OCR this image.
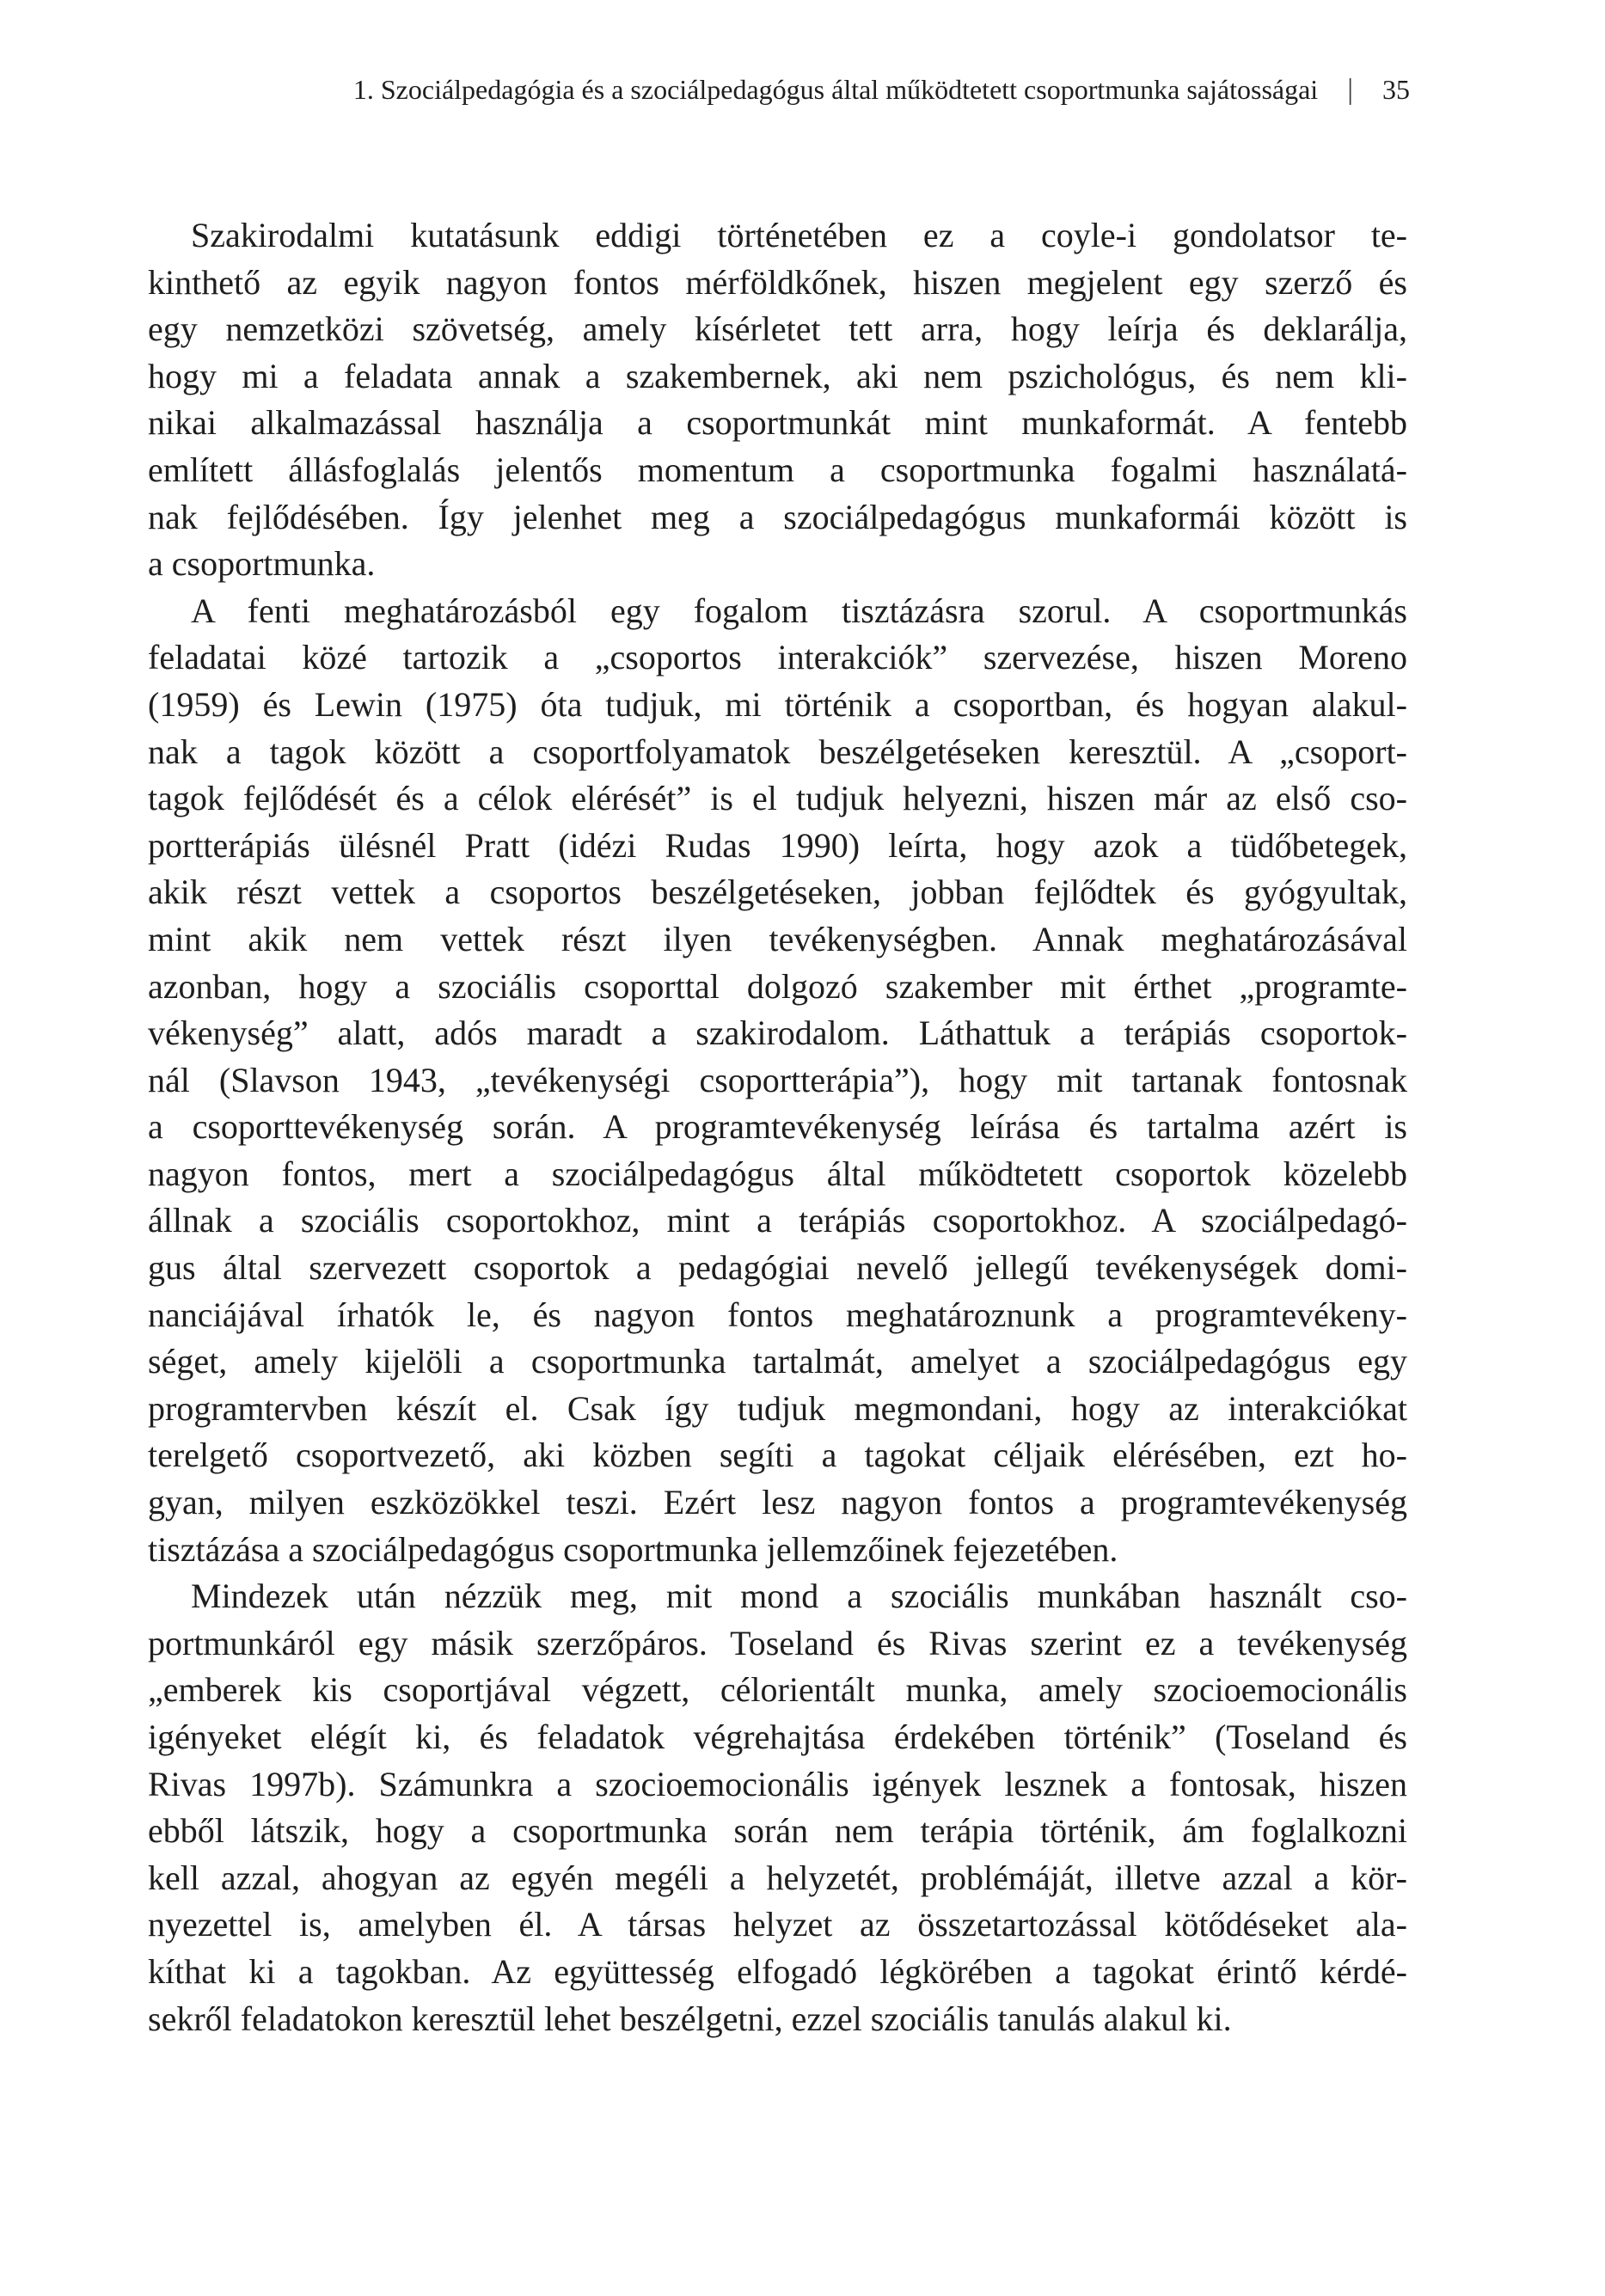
1. Szociálpedagógia és a szociálpedagógus által működtetett csoportmunka sajátosságai | 35
Szakirodalmi kutatásunk eddigi történetében ez a coyle-i gondolatsor te-
kinthető az egyik nagyon fontos mérföldkőnek, hiszen megjelent egy szerző és
egy nemzetközi szövetség, amely kísérletet tett arra, hogy leírja és deklarálja,
hogy mi a feladata annak a szakembernek, aki nem pszichológus, és nem kli-
nikai alkalmazással használja a csoportmunkát mint munkaformát. A fentebb
említett állásfoglalás jelentős momentum a csoportmunka fogalmi használatá-
nak fejlődésében. Így jelenhet meg a szociálpedagógus munkaformái között is
a csoportmunka.
A fenti meghatározásból egy fogalom tisztázásra szorul. A csoportmunkás
feladatai közé tartozik a „csoportos interakciók” szervezése, hiszen Moreno
(1959) és Lewin (1975) óta tudjuk, mi történik a csoportban, és hogyan alakul-
nak a tagok között a csoportfolyamatok beszélgetéseken keresztül. A „csoport-
tagok fejlődését és a célok elérését” is el tudjuk helyezni, hiszen már az első cso-
portterápiás ülésnél Pratt (idézi Rudas 1990) leírta, hogy azok a tüdőbetegek,
akik részt vettek a csoportos beszélgetéseken, jobban fejlődtek és gyógyultak,
mint akik nem vettek részt ilyen tevékenységben. Annak meghatározásával
azonban, hogy a szociális csoporttal dolgozó szakember mit érthet „programte-
vékenység” alatt, adós maradt a szakirodalom. Láthattuk a terápiás csoportok-
nál (Slavson 1943, „tevékenységi csoportterápia”), hogy mit tartanak fontosnak
a csoporttevékenység során. A programtevékenység leírása és tartalma azért is
nagyon fontos, mert a szociálpedagógus által működtetett csoportok közelebb
állnak a szociális csoportokhoz, mint a terápiás csoportokhoz. A szociálpedagó-
gus által szervezett csoportok a pedagógiai nevelő jellegű tevékenységek domi-
nanciájával írhatók le, és nagyon fontos meghatároznunk a programtevékeny-
séget, amely kijelöli a csoportmunka tartalmát, amelyet a szociálpedagógus egy
programtervben készít el. Csak így tudjuk megmondani, hogy az interakciókat
terelgető csoportvezető, aki közben segíti a tagokat céljaik elérésében, ezt ho-
gyan, milyen eszközökkel teszi. Ezért lesz nagyon fontos a programtevékenység
tisztázása a szociálpedagógus csoportmunka jellemzőinek fejezetében.
Mindezek után nézzük meg, mit mond a szociális munkában használt cso-
portmunkáról egy másik szerzőpáros. Toseland és Rivas szerint ez a tevékenység
„emberek kis csoportjával végzett, célorientált munka, amely szocioemocionális
igényeket elégít ki, és feladatok végrehajtása érdekében történik” (Toseland és
Rivas 1997b). Számunkra a szocioemocionális igények lesznek a fontosak, hiszen
ebből látszik, hogy a csoportmunka során nem terápia történik, ám foglalkozni
kell azzal, ahogyan az egyén megéli a helyzetét, problémáját, illetve azzal a kör-
nyezettel is, amelyben él. A társas helyzet az összetartozással kötődéseket ala-
kíthat ki a tagokban. Az együttesség elfogadó légkörében a tagokat érintő kérdé-
sekről feladatokon keresztül lehet beszélgetni, ezzel szociális tanulás alakul ki.
